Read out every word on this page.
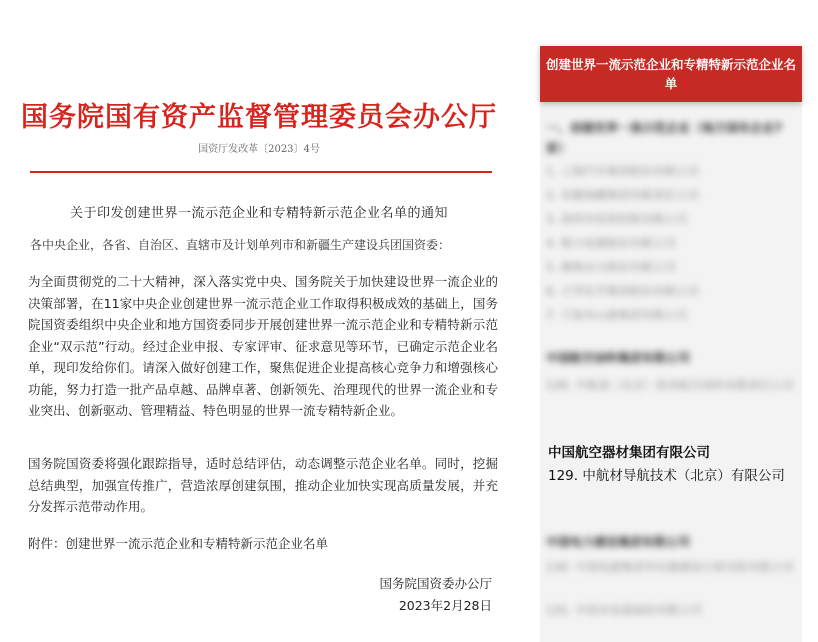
国务院国有资产监督管理委员会办公厅
国资厅发改革〔2023〕4号
关于印发创建世界一流示范企业和专精特新示范企业名单的通知
各中央企业，各省、自治区、直辖市及计划单列市和新疆生产建设兵团国资委：
为全面贯彻党的二十大精神，深入落实党中央、国务院关于加快建设世界一流企业的决策部署，在11家中央企业创建世界一流示范企业工作取得积极成效的基础上，国务院国资委组织中央企业和地方国资委同步开展创建世界一流示范企业和专精特新示范企业“双示范”行动。经过企业申报、专家评审、征求意见等环节，已确定示范企业名单，现印发给你们。请深入做好创建工作，聚焦促进企业提高核心竞争力和增强核心功能，努力打造一批产品卓越、品牌卓著、创新领先、治理现代的世界一流企业和专业突出、创新驱动、管理精益、特色明显的世界一流专精特新企业。
国务院国资委将强化跟踪指导，适时总结评估，动态调整示范企业名单。同时，挖掘总结典型，加强宣传推广，营造浓厚创建氛围，推动企业加快实现高质量发展，并充分发挥示范带动作用。
附件：创建世界一流示范企业和专精特新示范企业名单
国务院国资委办公厅
2023年2月28日
创建世界一流示范企业和专精特新示范企业名单
一、创建世界一流示范企业（地方国有企业7家）
1. 上海汽车集团股份有限公司
2. 安徽海螺集团有限责任公司
3. 深圳市投资控股有限公司
4. 格力电器股份有限公司
5. 潍柴动力股份有限公司
6. 万华化学集团股份有限公司
7. 宁波舟山港集团有限公司
中国航空油料集团有限公司
128. 中航油（北京）机场航空油料有限责任公司
中国航空器材集团有限公司
129. 中航材导航技术（北京）有限公司
中国电力建设集团有限公司
130. 中国电建集团华东勘测设计研究院有限公司
131. 中国水电基础局有限公司
